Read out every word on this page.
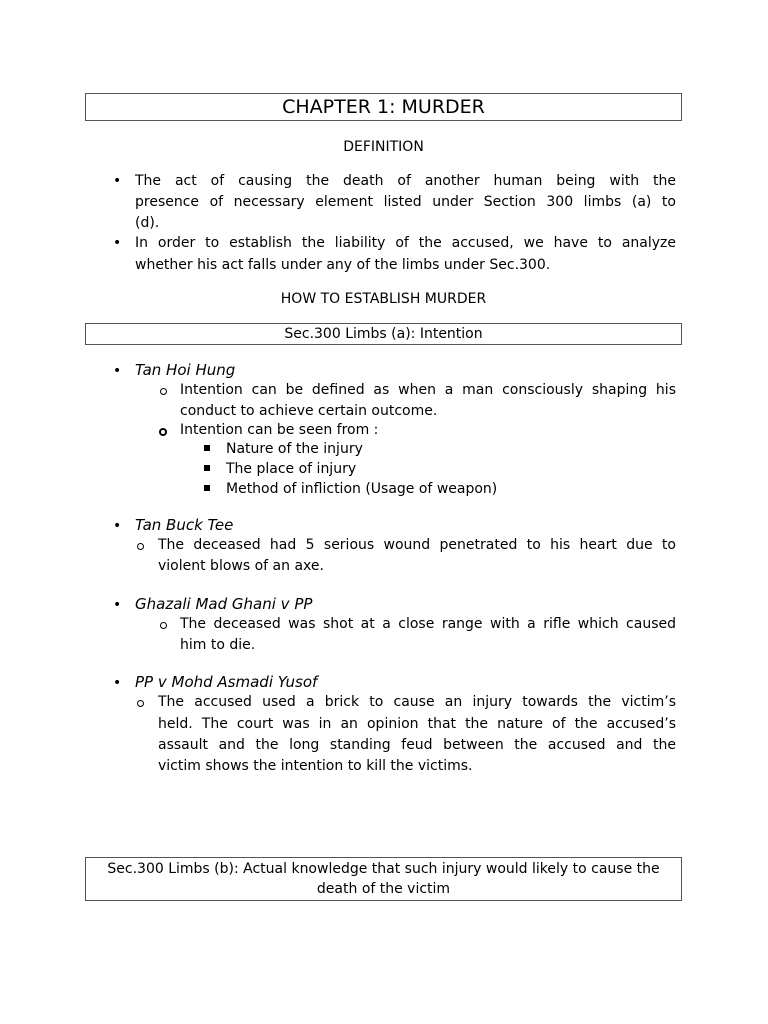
CHAPTER 1: MURDER
DEFINITION
• The act of causing the death of another human being with the
presence of necessary element listed under Section 300 limbs (a) to
(d).
• In order to establish the liability of the accused, we have to analyze
whether his act falls under any of the limbs under Sec.300.
HOW TO ESTABLISH MURDER
Sec.300 Limbs (a): Intention
• Tan Hoi Hung
Intention can be defined as when a man consciously shaping his
conduct to achieve certain outcome.
Intention can be seen from :
Nature of the injury
The place of injury
Method of infliction (Usage of weapon)
• Tan Buck Tee
The deceased had 5 serious wound penetrated to his heart due to
violent blows of an axe.
• Ghazali Mad Ghani v PP
The deceased was shot at a close range with a rifle which caused
him to die.
• PP v Mohd Asmadi Yusof
The accused used a brick to cause an injury towards the victim’s
held. The court was in an opinion that the nature of the accused’s
assault and the long standing feud between the accused and the
victim shows the intention to kill the victims.
Sec.300 Limbs (b): Actual knowledge that such injury would likely to cause the death of the victim
